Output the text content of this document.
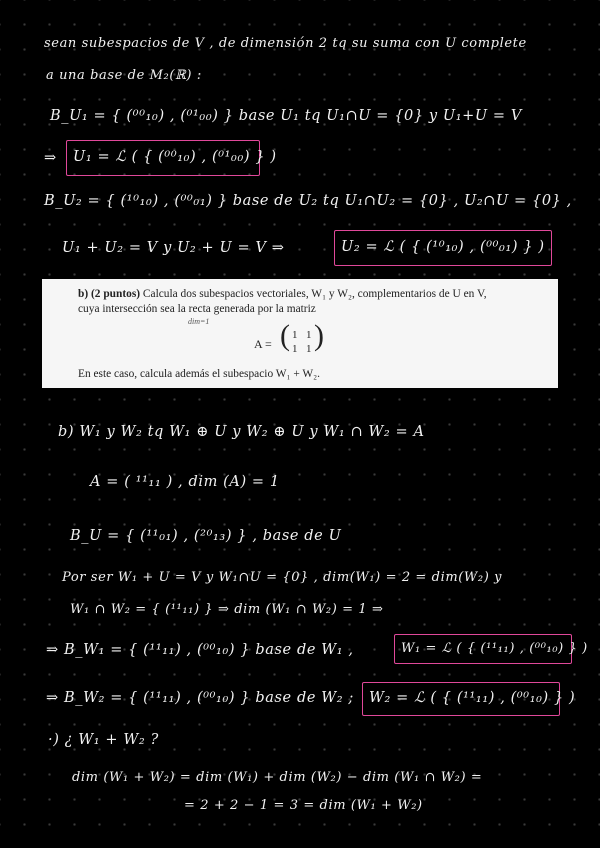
sean subespacios de V , de dimensión 2 tq su suma con U complete
a una base de M₂(ℝ) :
B_U₁ = { (⁰⁰₁₀) , (⁰¹₀₀) } base U₁ tq U₁∩U = {0} y U₁+U = V
⇒	U₁ = ℒ ( { (⁰⁰₁₀) , (⁰¹₀₀) } )
B_U₂ = { (¹⁰₁₀) , (⁰⁰₀₁) } base de U₂ tq U₁∩U₂ = {0} , U₂∩U = {0} ,
U₁ + U₂ = V y U₂ + U = V ⇒	U₂ = ℒ ( { (¹⁰₁₀) , (⁰⁰₀₁) } )
b) (2 puntos) Calcula dos subespacios vectoriales, W₁ y W₂, complementarios de U en V,
cuya intersección sea la recta generada por la matriz
dim=1
A = ( 1 1
1 1 )
En este caso, calcula además el subespacio W₁ + W₂.
b) W₁ y W₂ tq W₁ ⊕ U y W₂ ⊕ U y W₁ ∩ W₂ = A
A = ( ¹¹₁₁ ) , dim (A) = 1
B_U = { (¹¹₀₁) , (²⁰₁₃) } , base de U
Por ser W₁ + U = V y W₁∩U = {0} , dim(W₁) = 2 = dim(W₂) y
W₁ ∩ W₂ = { (¹¹₁₁) } ⇒ dim (W₁ ∩ W₂) = 1 ⇒
⇒ B_W₁ = { (¹¹₁₁) , (⁰⁰₁₀) } base de W₁ ,	W₁ = ℒ ( { (¹¹₁₁) , (⁰⁰₁₀) } )
⇒ B_W₂ = { (¹¹₁₁) , (⁰⁰₁₀) } base de W₂ ;	W₂ = ℒ ( { (¹¹₁₁) , (⁰⁰₁₀) } )
·) ¿ W₁ + W₂ ?
dim (W₁ + W₂) = dim (W₁) + dim (W₂) − dim (W₁ ∩ W₂) =
= 2 + 2 − 1 = 3 = dim (W₁ + W₂)
